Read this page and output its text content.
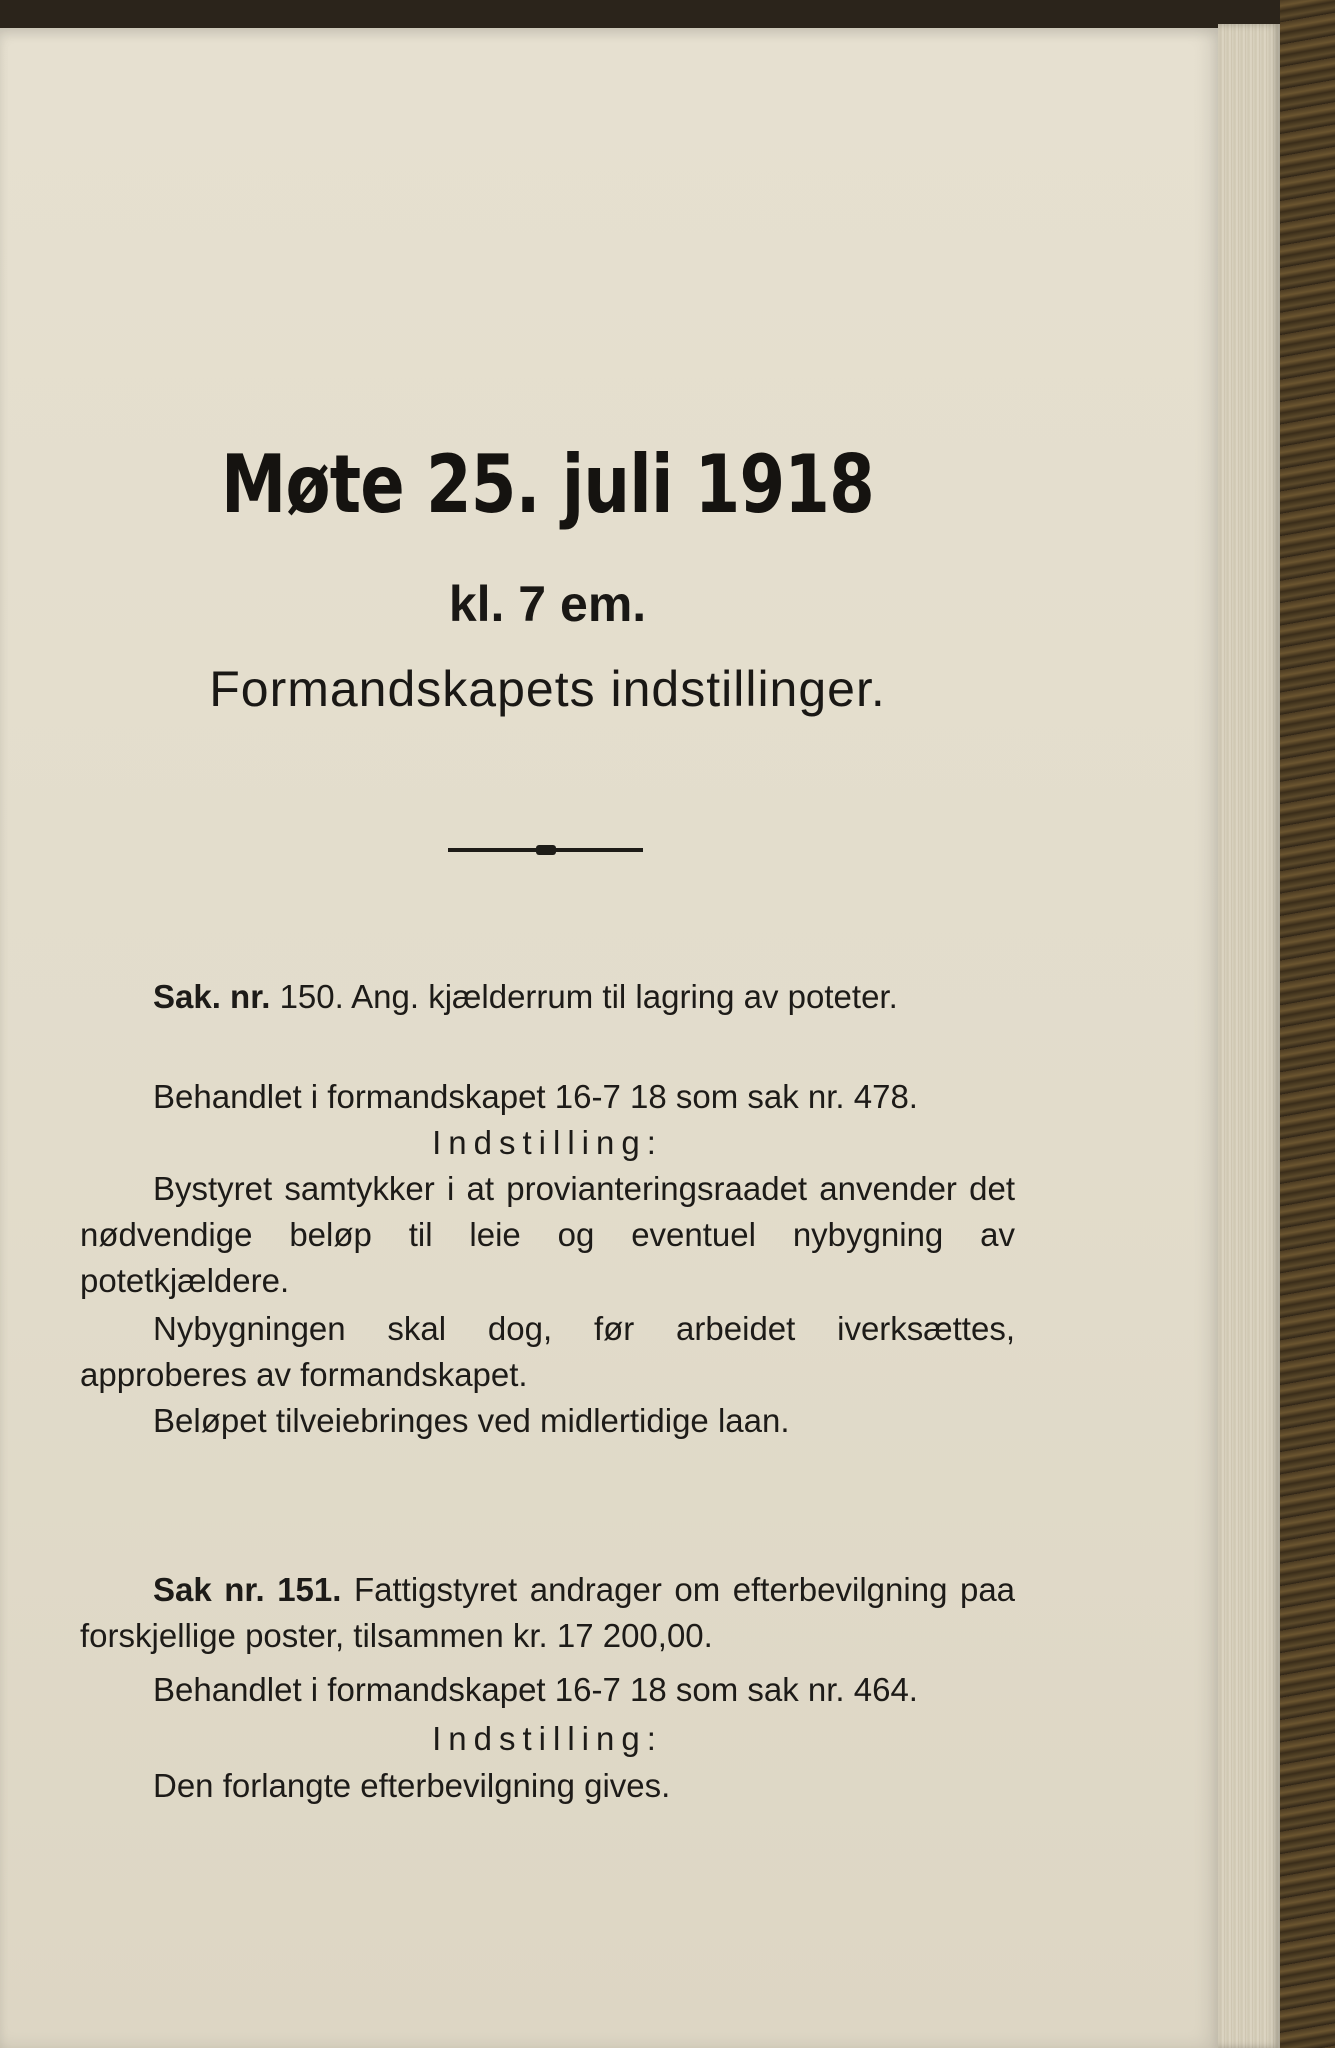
Møte 25. juli 1918
kl. 7 em.
Formandskapets indstillinger.
Sak. nr. 150. Ang. kjælderrum til lagring av poteter.
Behandlet i formandskapet 16-7 18 som sak nr. 478.
Indstilling:
Bystyret samtykker i at provianteringsraadet anvender det nødvendige beløp til leie og eventuel nybygning av potetkjældere.
Nybygningen skal dog, før arbeidet iverksættes, approberes av formandskapet.
Beløpet tilveiebringes ved midlertidige laan.
Sak nr. 151. Fattigstyret andrager om efterbevilgning paa forskjellige poster, tilsammen kr. 17 200,00.
Behandlet i formandskapet 16-7 18 som sak nr. 464.
Indstilling:
Den forlangte efterbevilgning gives.
